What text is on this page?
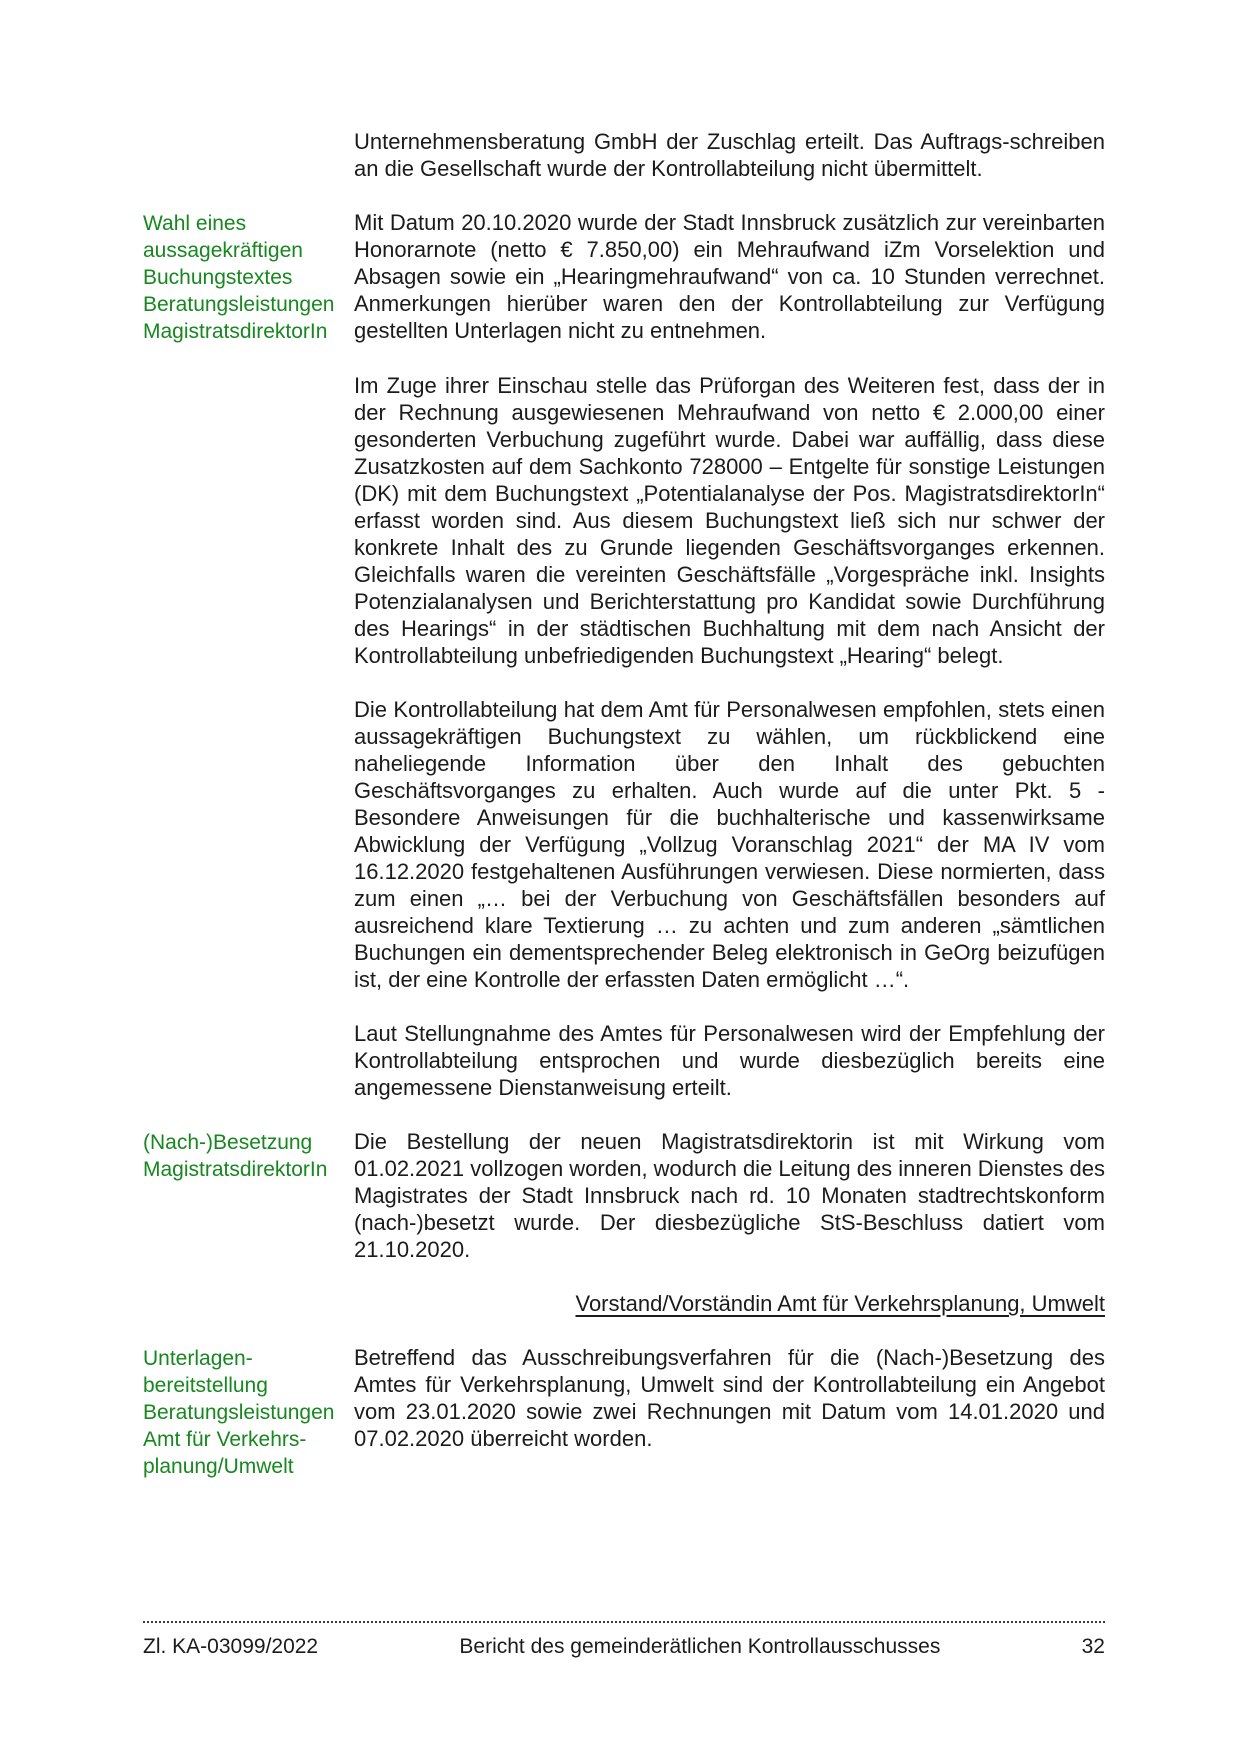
Unternehmensberatung GmbH der Zuschlag erteilt. Das Auftrags-schreiben an die Gesellschaft wurde der Kontrollabteilung nicht übermittelt.
Wahl eines
aussagekräftigen
Buchungstextes
Beratungsleistungen
MagistratsdirektorIn
Mit Datum 20.10.2020 wurde der Stadt Innsbruck zusätzlich zur vereinbarten Honorarnote (netto € 7.850,00) ein Mehraufwand iZm Vorselektion und Absagen sowie ein „Hearingmehraufwand“ von ca. 10 Stunden verrechnet. Anmerkungen hierüber waren den der Kontrollabteilung zur Verfügung gestellten Unterlagen nicht zu entnehmen.
Im Zuge ihrer Einschau stelle das Prüforgan des Weiteren fest, dass der in der Rechnung ausgewiesenen Mehraufwand von netto € 2.000,00 einer gesonderten Verbuchung zugeführt wurde. Dabei war auffällig, dass diese Zusatzkosten auf dem Sachkonto 728000 – Entgelte für sonstige Leistungen (DK) mit dem Buchungstext „Potentialanalyse der Pos. MagistratsdirektorIn“ erfasst worden sind. Aus diesem Buchungstext ließ sich nur schwer der konkrete Inhalt des zu Grunde liegenden Geschäftsvorganges erkennen. Gleichfalls waren die vereinten Geschäftsfälle „Vorgespräche inkl. Insights Potenzialanalysen und Berichterstattung pro Kandidat sowie Durchführung des Hearings“ in der städtischen Buchhaltung mit dem nach Ansicht der Kontrollabteilung unbefriedigenden Buchungstext „Hearing“ belegt.
Die Kontrollabteilung hat dem Amt für Personalwesen empfohlen, stets einen aussagekräftigen Buchungstext zu wählen, um rückblickend eine naheliegende Information über den Inhalt des gebuchten Geschäftsvorganges zu erhalten. Auch wurde auf die unter Pkt. 5 - Besondere Anweisungen für die buchhalterische und kassenwirksame Abwicklung der Verfügung „Vollzug Voranschlag 2021“ der MA IV vom 16.12.2020 festgehaltenen Ausführungen verwiesen. Diese normierten, dass zum einen „… bei der Verbuchung von Geschäftsfällen besonders auf ausreichend klare Textierung … zu achten und zum anderen „sämtlichen Buchungen ein dementsprechender Beleg elektronisch in GeOrg beizufügen ist, der eine Kontrolle der erfassten Daten ermöglicht …“.
Laut Stellungnahme des Amtes für Personalwesen wird der Empfehlung der Kontrollabteilung entsprochen und wurde diesbezüglich bereits eine angemessene Dienstanweisung erteilt.
(Nach-)Besetzung
MagistratsdirektorIn
Die Bestellung der neuen Magistratsdirektorin ist mit Wirkung vom 01.02.2021 vollzogen worden, wodurch die Leitung des inneren Dienstes des Magistrates der Stadt Innsbruck nach rd. 10 Monaten stadtrechtskonform (nach-)besetzt wurde. Der diesbezügliche StS-Beschluss datiert vom 21.10.2020.
Vorstand/Vorständin Amt für Verkehrsplanung, Umwelt
Unterlagen-
bereitstellung
Beratungsleistungen
Amt für Verkehrs-
planung/Umwelt
Betreffend das Ausschreibungsverfahren für die (Nach-)Besetzung des Amtes für Verkehrsplanung, Umwelt sind der Kontrollabteilung ein Angebot vom 23.01.2020 sowie zwei Rechnungen mit Datum vom 14.01.2020 und 07.02.2020 überreicht worden.
Zl. KA-03099/2022	Bericht des gemeinderätlichen Kontrollausschusses	32
